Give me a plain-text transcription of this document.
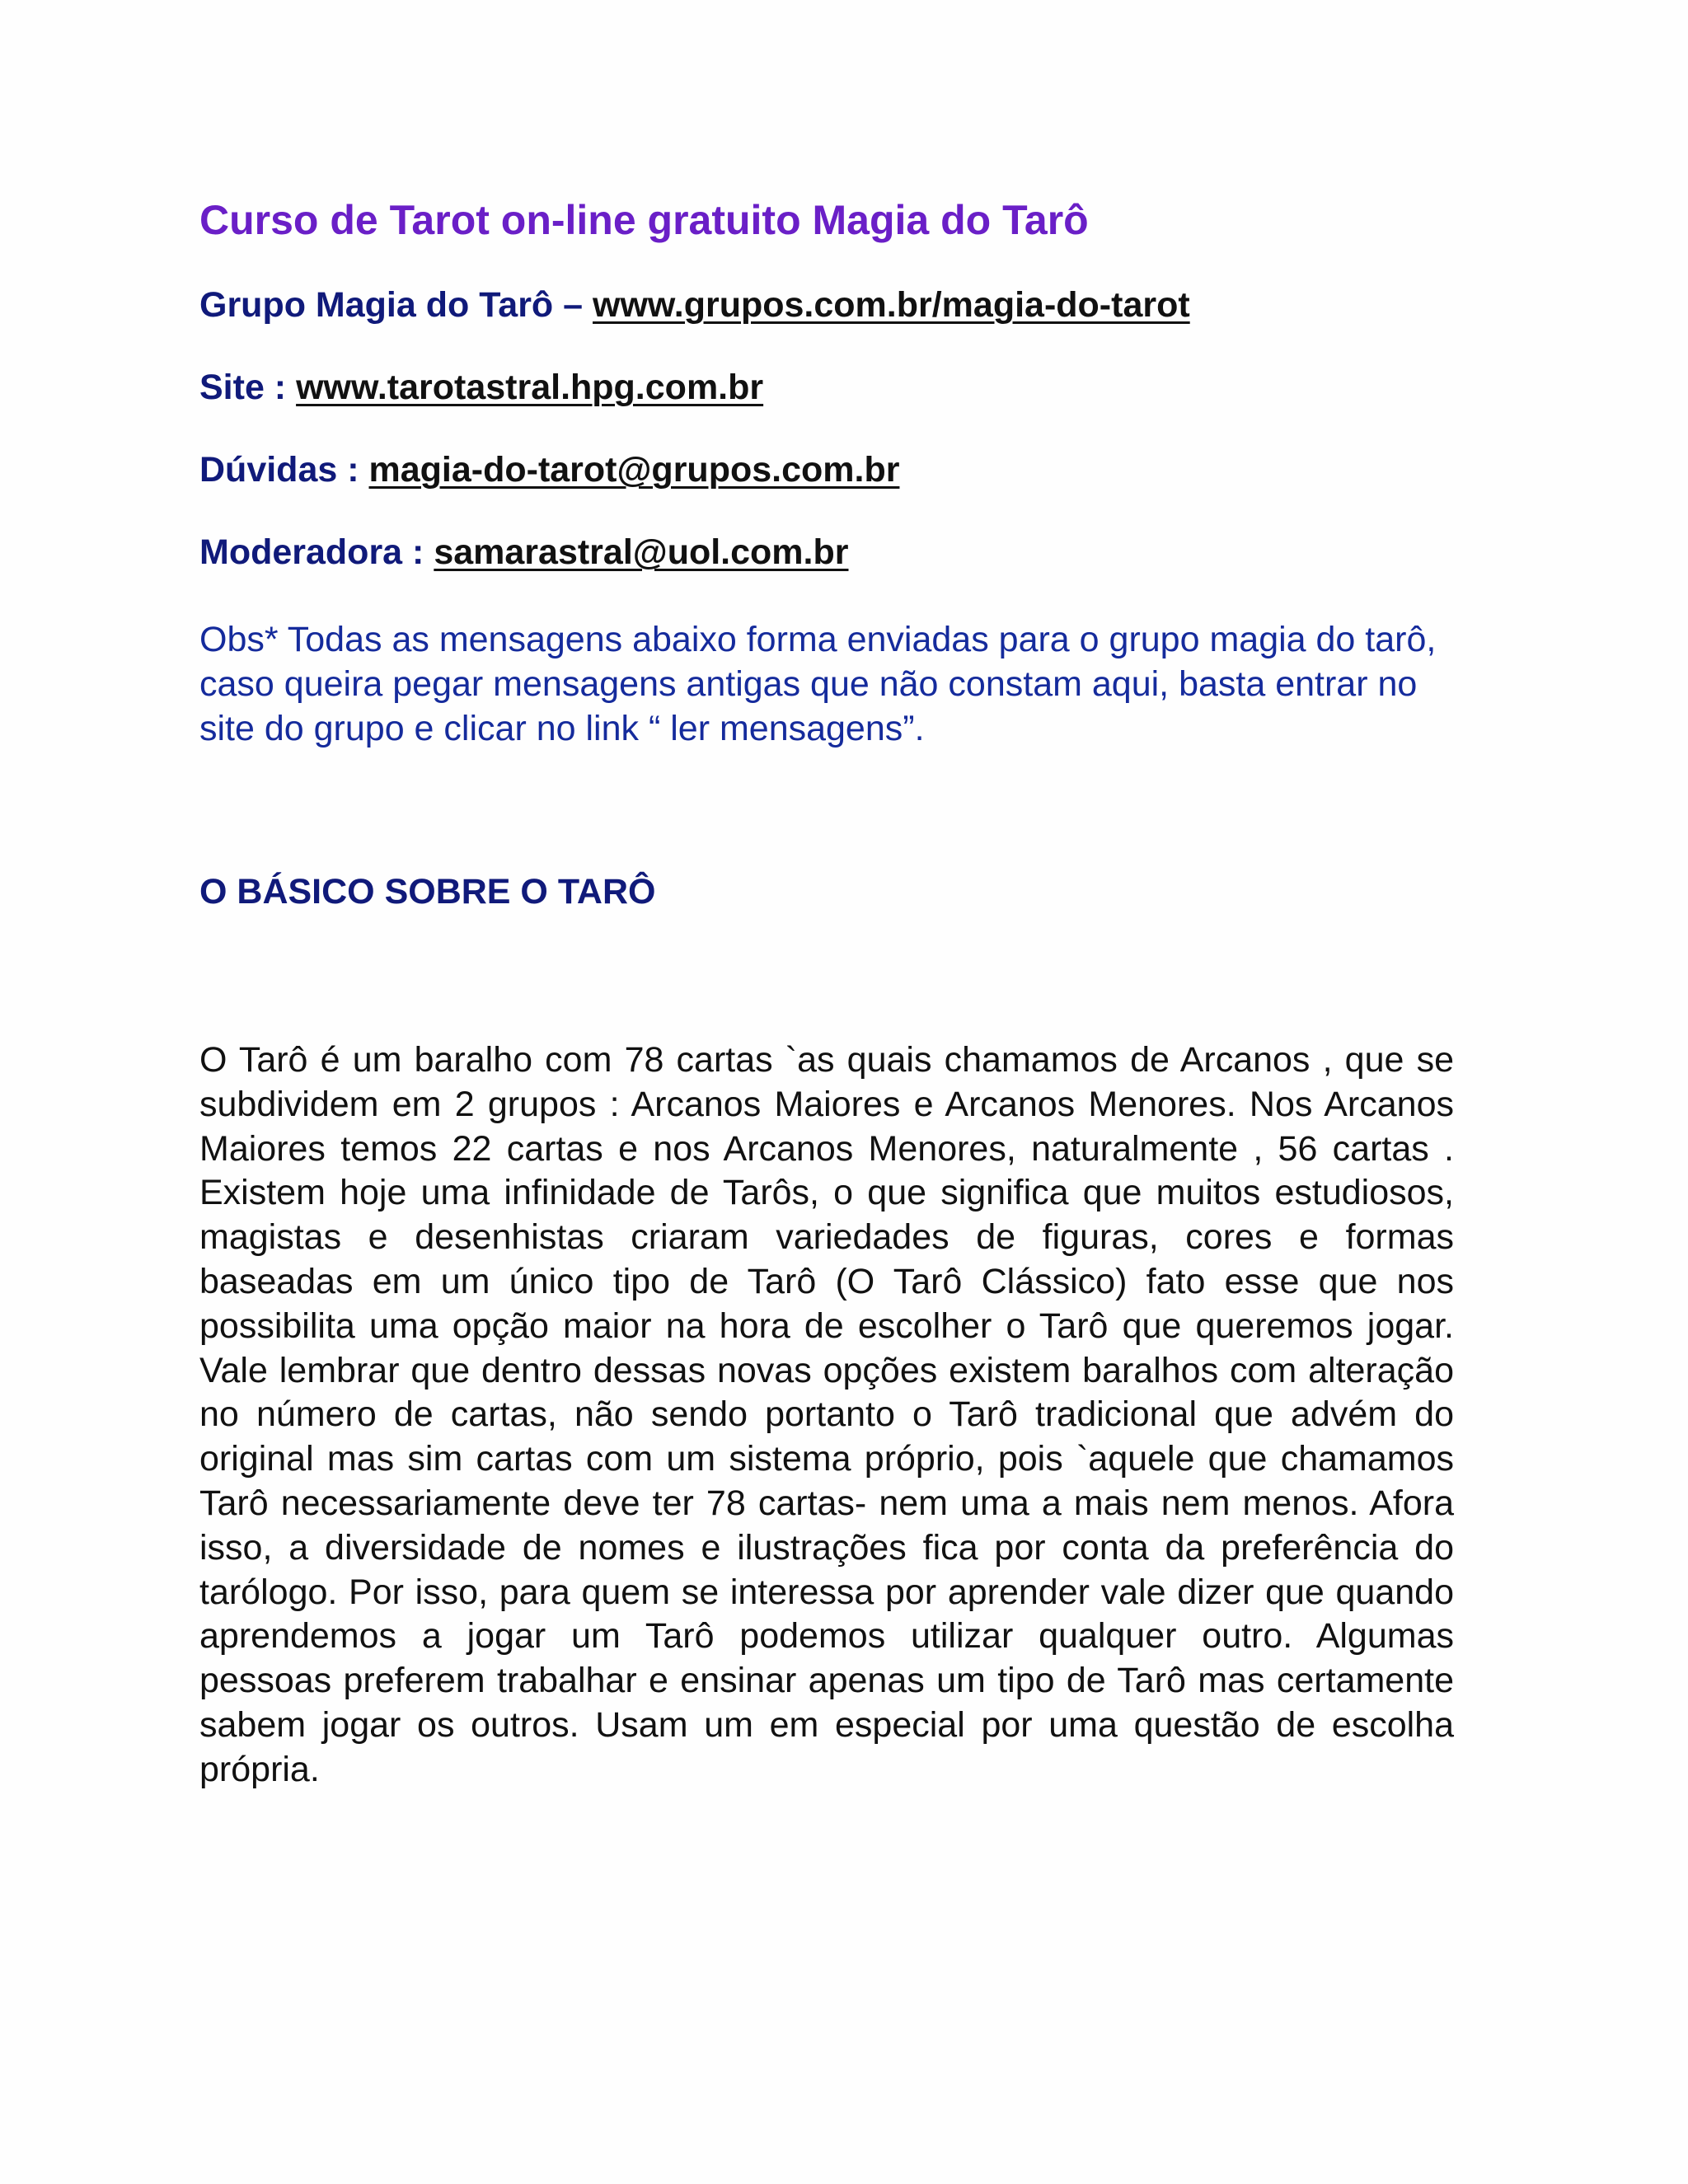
Curso de Tarot on-line gratuito Magia do Tarô

Grupo Magia do Tarô – www.grupos.com.br/magia-do-tarot

Site : www.tarotastral.hpg.com.br

Dúvidas : magia-do-tarot@grupos.com.br

Moderadora : samarastral@uol.com.br

Obs* Todas as mensagens abaixo forma enviadas para o grupo magia do tarô, caso queira pegar mensagens antigas que não constam aqui, basta entrar no site do grupo e clicar no link “ ler mensagens”.

O BÁSICO SOBRE O TARÔ

O Tarô é um baralho com 78 cartas `as quais chamamos de Arcanos , que se subdividem em 2 grupos : Arcanos Maiores e Arcanos Menores. Nos Arcanos Maiores temos 22 cartas e nos Arcanos Menores, naturalmente , 56 cartas . Existem hoje uma infinidade de Tarôs, o que significa que muitos estudiosos, magistas e desenhistas criaram variedades de figuras, cores e formas baseadas em um único tipo de Tarô (O Tarô Clássico) fato esse que nos possibilita uma opção maior na hora de escolher o Tarô que queremos jogar. Vale lembrar que dentro dessas novas opções existem baralhos com alteração no número de cartas, não sendo portanto o Tarô tradicional que advém do original mas sim cartas com um sistema próprio, pois `aquele que chamamos Tarô necessariamente deve ter 78 cartas- nem uma a mais nem menos. Afora isso, a diversidade de nomes e ilustrações fica por conta da preferência do tarólogo. Por isso, para quem se interessa por aprender vale dizer que quando aprendemos a jogar um Tarô podemos utilizar qualquer outro. Algumas pessoas preferem trabalhar e ensinar apenas um tipo de Tarô mas certamente sabem jogar os outros. Usam um em especial por uma questão de escolha própria.
